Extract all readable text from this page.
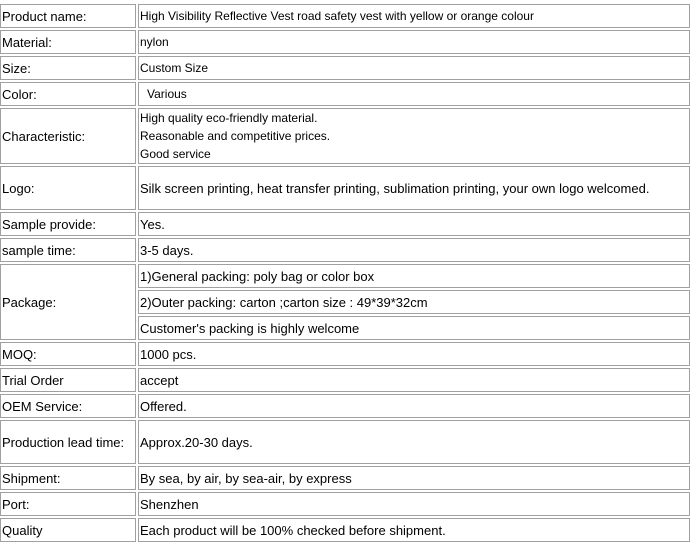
Product name:	High Visibility Reflective Vest road safety vest with yellow or orange colour
Material:	nylon
Size:	Custom Size
Color:	Various
Characteristic:	High quality eco-friendly material.
Reasonable and competitive prices.
Good service

Logo:	Silk screen printing, heat transfer printing, sublimation printing, your own logo welcomed.
Sample provide:	Yes.
sample time:	3-5 days.
Package:	1)General packing: poly bag or color box
	2)Outer packing: carton ;carton size : 49*39*32cm
	Customer's packing is highly welcome
MOQ:	1000 pcs.
Trial Order	accept
OEM Service:	Offered.
Production lead time:	Approx.20-30 days.
Shipment:	By sea, by air, by sea-air, by express
Port:	Shenzhen
Quality	Each product will be 100% checked before shipment.
